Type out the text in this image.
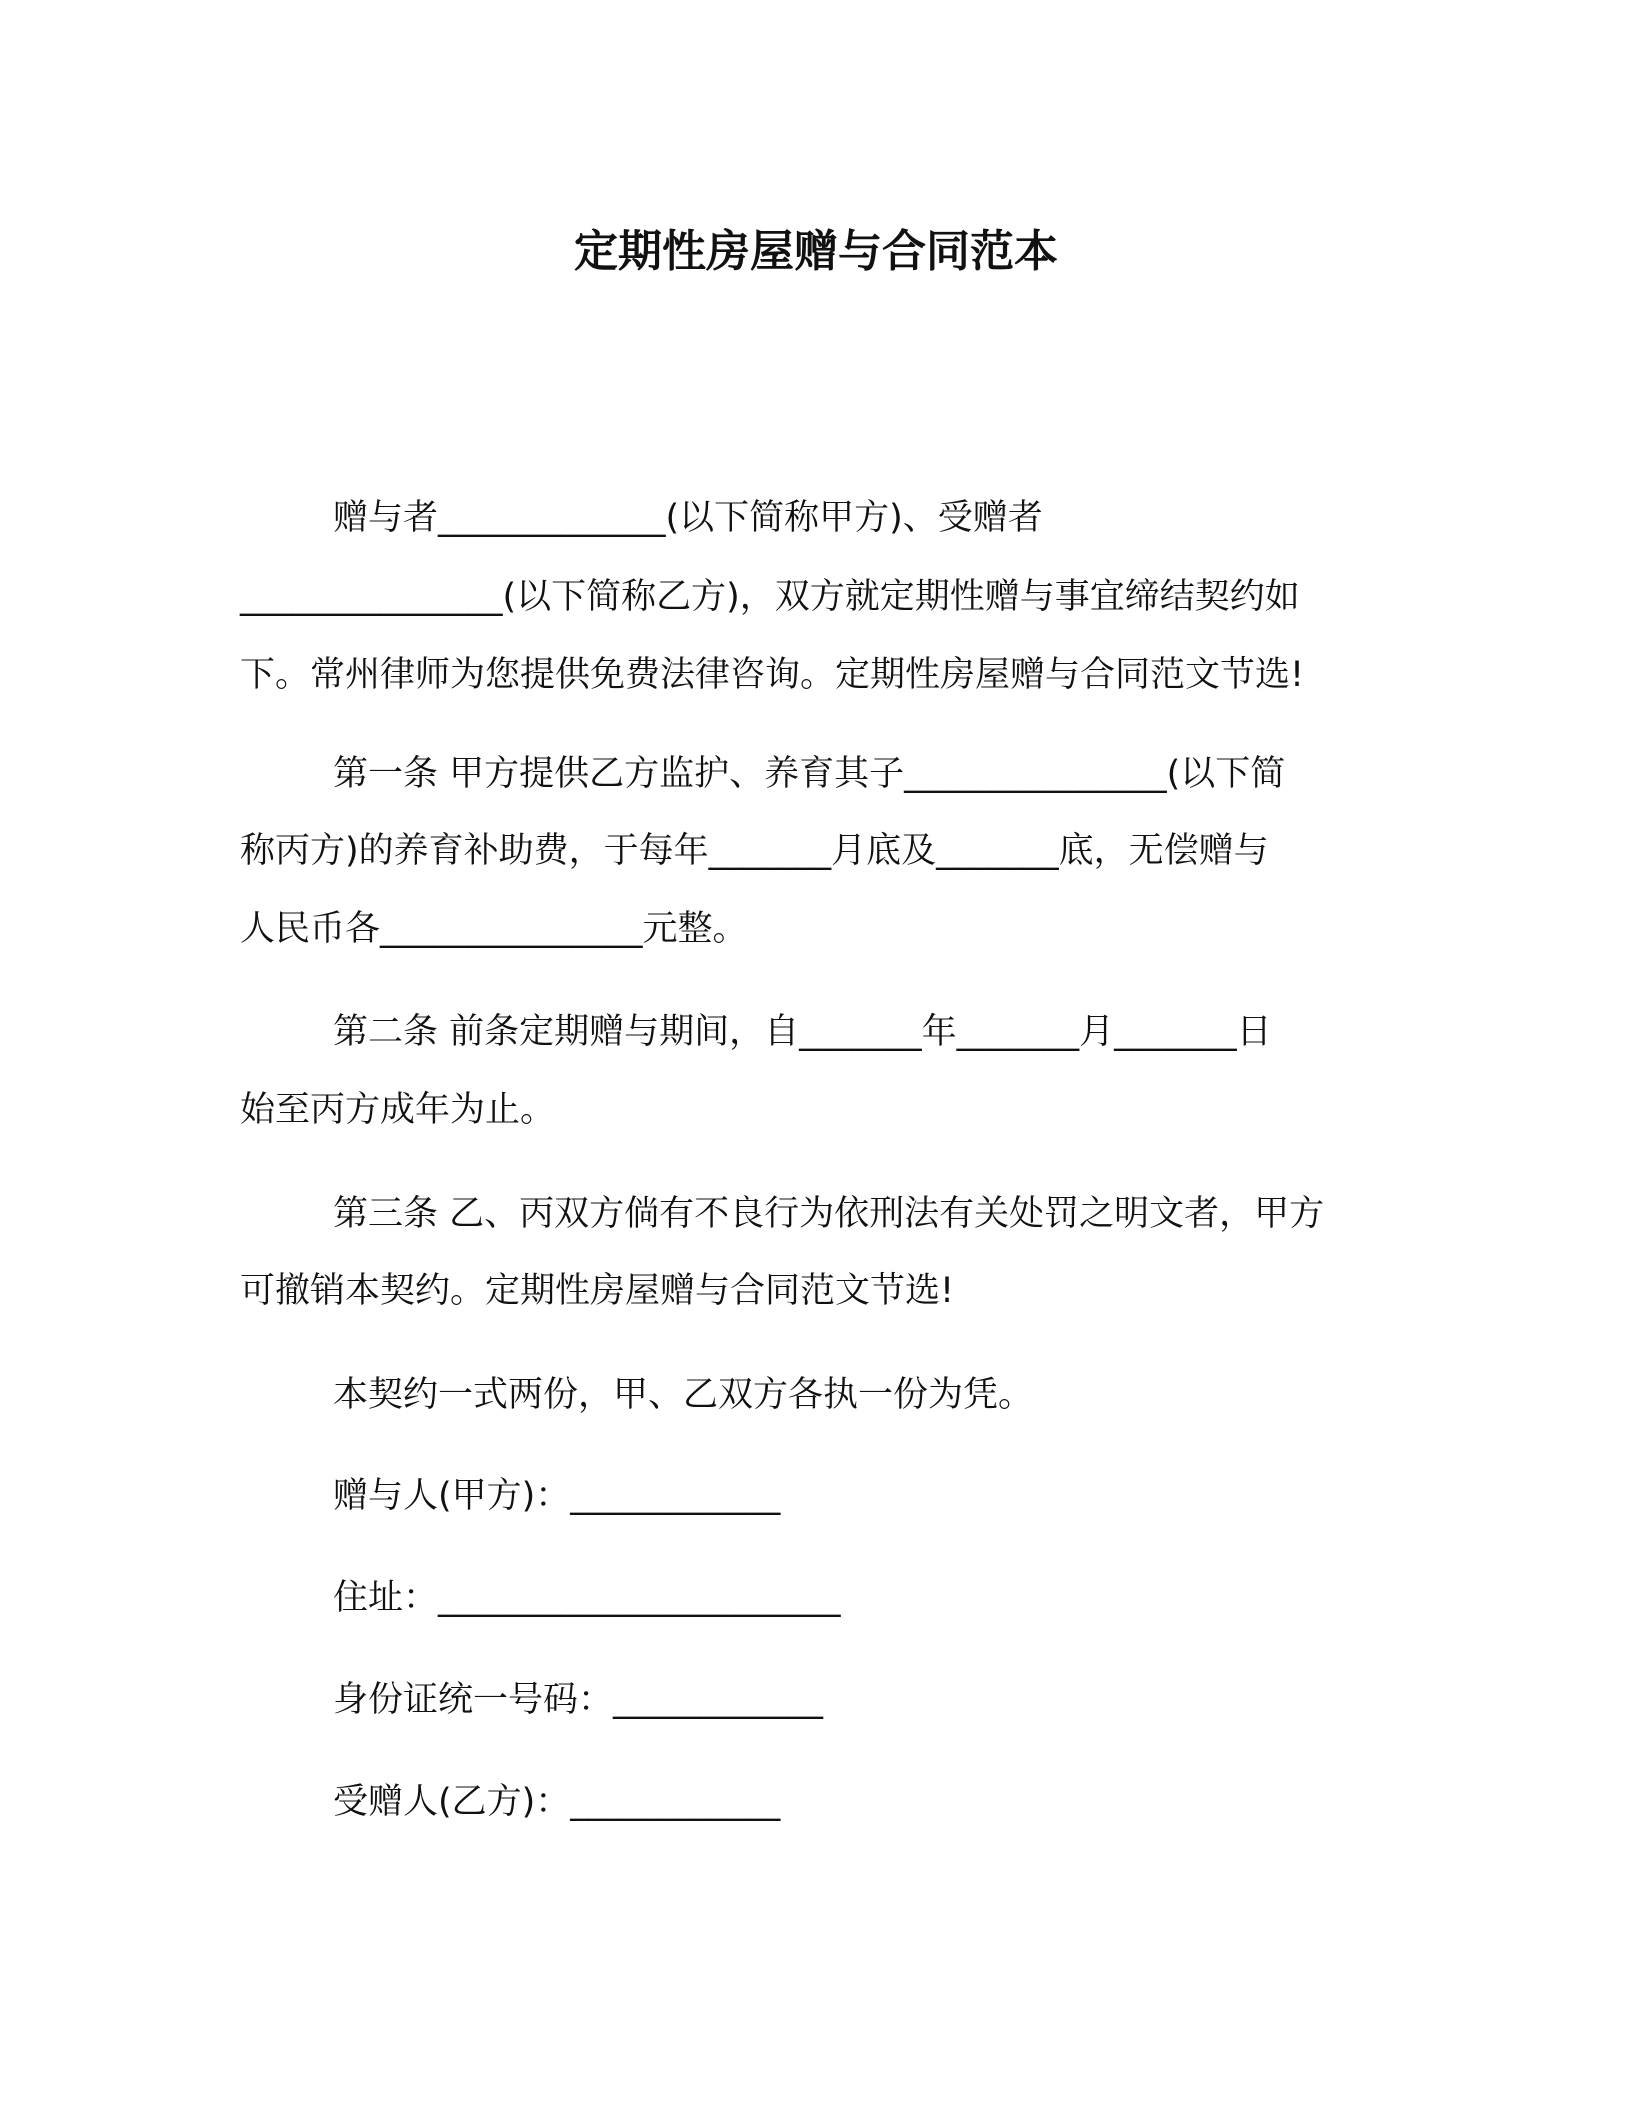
定期性房屋赠与合同范本
赠与者_____________(以下简称甲方)、受赠者
_______________(以下简称乙方)，双方就定期性赠与事宜缔结契约如
下。常州律师为您提供免费法律咨询。定期性房屋赠与合同范文节选!
第一条 甲方提供乙方监护、养育其子_______________(以下简
称丙方)的养育补助费，于每年_______月底及_______底，无偿赠与
人民币各_______________元整。
第二条 前条定期赠与期间，自_______年_______月_______日
始至丙方成年为止。
第三条 乙、丙双方倘有不良行为依刑法有关处罚之明文者，甲方
可撤销本契约。定期性房屋赠与合同范文节选!
本契约一式两份，甲、乙双方各执一份为凭。
赠与人(甲方)：____________
住址：_______________________
身份证统一号码：____________
受赠人(乙方)：____________
